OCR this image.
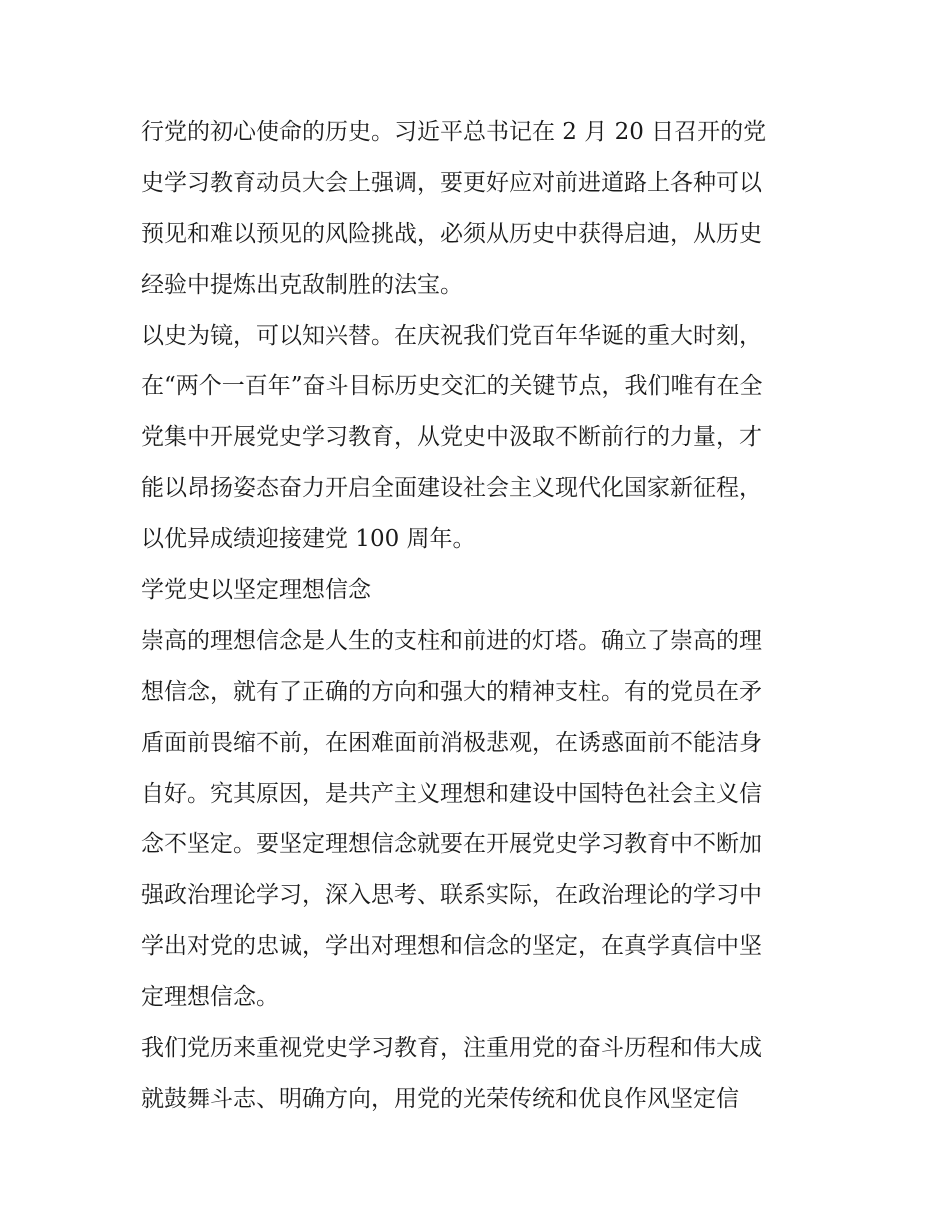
行党的初心使命的历史。习近平总书记在 2 月 20 日召开的党
史学习教育动员大会上强调，要更好应对前进道路上各种可以
预见和难以预见的风险挑战，必须从历史中获得启迪，从历史
经验中提炼出克敌制胜的法宝。
以史为镜，可以知兴替。在庆祝我们党百年华诞的重大时刻，
在“两个一百年”奋斗目标历史交汇的关键节点，我们唯有在全
党集中开展党史学习教育，从党史中汲取不断前行的力量，才
能以昂扬姿态奋力开启全面建设社会主义现代化国家新征程，
以优异成绩迎接建党 100 周年。
学党史以坚定理想信念
崇高的理想信念是人生的支柱和前进的灯塔。确立了崇高的理
想信念，就有了正确的方向和强大的精神支柱。有的党员在矛
盾面前畏缩不前，在困难面前消极悲观，在诱惑面前不能洁身
自好。究其原因，是共产主义理想和建设中国特色社会主义信
念不坚定。要坚定理想信念就要在开展党史学习教育中不断加
强政治理论学习，深入思考、联系实际，在政治理论的学习中
学出对党的忠诚，学出对理想和信念的坚定，在真学真信中坚
定理想信念。
我们党历来重视党史学习教育，注重用党的奋斗历程和伟大成
就鼓舞斗志、明确方向，用党的光荣传统和优良作风坚定信
